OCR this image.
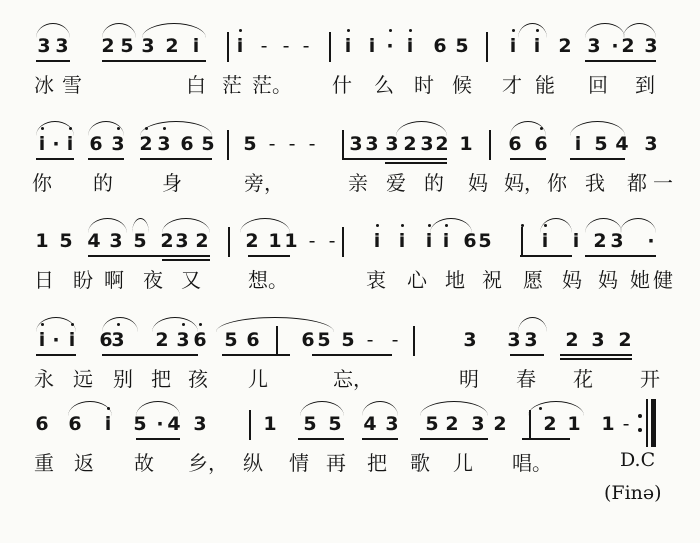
3 3 2 5 3 2 i	i - - -	i i · i	6 5	i i 2 3 · 2 3
冰 雪	白 茫 茫。 什 么 时 候 才 能 回 到
i · i 6 3 2 3 6 5 5 - - -	3 3 3 2 3 2 1 6 6	i 5 4 3
你 的 身	旁，	亲 爱 的 妈 妈， 你 我 都 一
1 5 4 3 5 2 3 2 2 1 1 - -	i i	i i 6 5	i	i 2 3	·
日 盼 啊 夜 又 想。	衷 心 地 祝 愿 妈 妈 她 健
i · i	6
3 2 3 6 5 6 6 5 5 - -	3 3 3 2 3 2
永 远 别 把 孩 儿	忘，	明 春 花 开
6 6	i	5 · 4 3	1 5 5 4 3 5 2 3 2 2 1 1 -
重 返 故 乡， 纵 情 再 把 歌 儿 唱。	D.C
(Finə)
